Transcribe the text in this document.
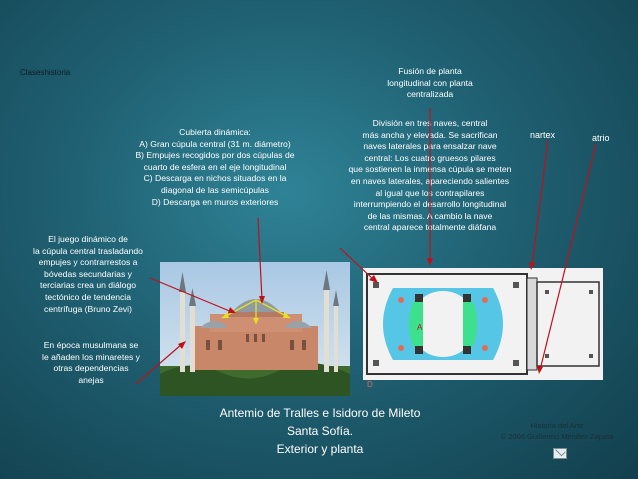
Claseshistoria	Fusión de planta
longitudinal con planta
centralizada
División en tres naves, central
más ancha y elevada. Se sacrifican
naves laterales para ensalzar nave
central: Los cuatro gruesos pilares
que sostienen la inmensa cúpula se meten
en naves laterales, apareciendo salientes
al igual que los contrapilares
interrumpiendo el desarrollo longitudinal
de las mismas. A cambio la nave
central aparece totalmente diáfana
Cubierta dinámica:
A) Gran cúpula central (31 m. diámetro)
B) Empujes recogidos por dos cúpulas de
cuarto de esfera en el eje longitudinal
C) Descarga en nichos situados en la
diagonal de las semicúpulas
D) Descarga en muros exteriores
El juego dinámico de
la cúpula central trasladando
empujes y contrarrestos a
bóvedas secundarias y
terciarias crea un diálogo
tectónico de tendencia
centrífuga (Bruno Zevi)
En época musulmana se
le añaden los minaretes y
otras dependencias
anejas
nartex	atrio
A
D
Antemio de Tralles e Isidoro de Mileto
Santa Sofía.
Exterior y planta
Historia del Arte
© 2006 Guillermo Méndez Zapata
